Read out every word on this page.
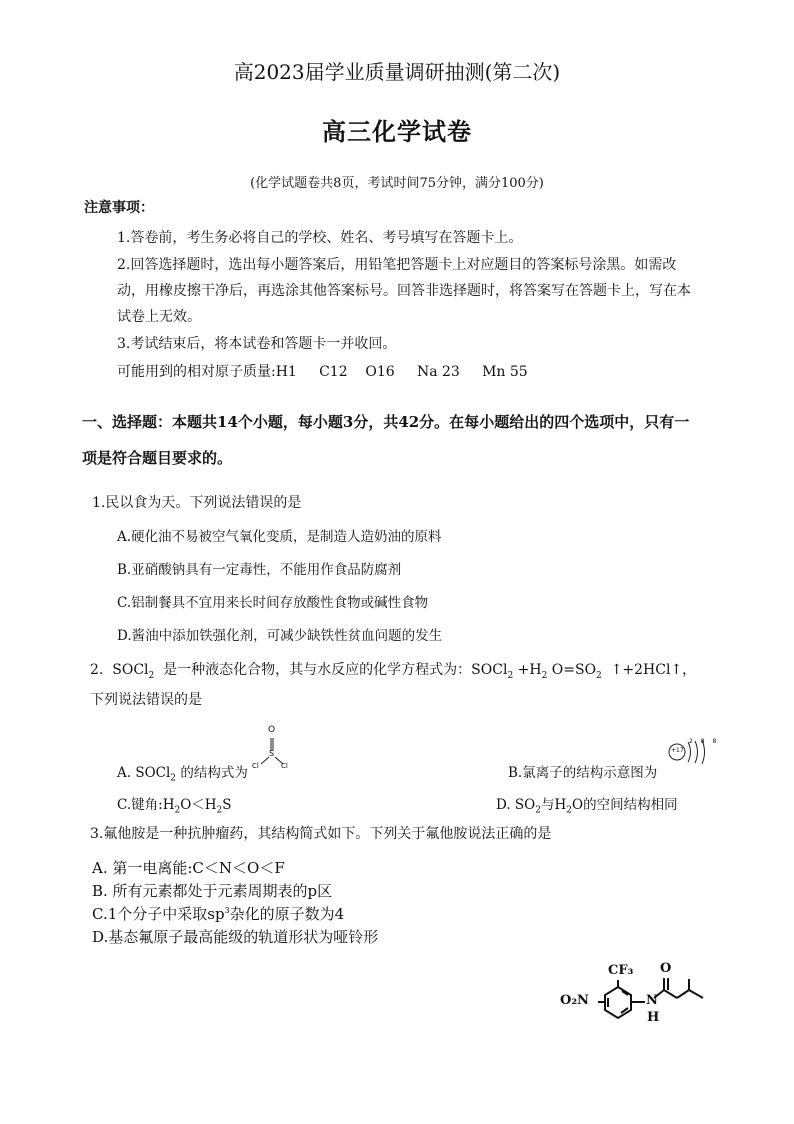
高2023届学业质量调研抽测(第二次)
高三化学试卷
(化学试题卷共8页，考试时间75分钟，满分100分)
注意事项：
1.答卷前，考生务必将自己的学校、姓名、考号填写在答题卡上。
2.回答选择题时，选出每小题答案后，用铅笔把答题卡上对应题目的答案标号涂黑。如需改
动，用橡皮擦干净后，再选涂其他答案标号。回答非选择题时，将答案写在答题卡上，写在本
试卷上无效。
3.考试结束后，将本试卷和答题卡一并收回。
可能用到的相对原子质量:H1     C12    O16     Na 23     Mn 55
一、选择题：本题共14个小题，每小题3分，共42分。在每小题给出的四个选项中，只有一
项是符合题目要求的。
1.民以食为天。下列说法错误的是
A.硬化油不易被空气氧化变质，是制造人造奶油的原料
B.亚硝酸钠具有一定毒性，不能用作食品防腐剂
C.铝制餐具不宜用来长时间存放酸性食物或碱性食物
D.酱油中添加铁强化剂，可减少缺铁性贫血问题的发生
2. SOCl$_2$ 是一种液态化合物，其与水反应的化学方程式为：SOCl$_2$ $+H_2$ $O=SO_2$ ↑+2HCl↑，
下列说法错误的是
A. SOCl$_2$ 的结构式为
O
S
Cl	Cl	B.氯离子的结构示意图为
+17
2 8 8
C.键角$:H_2O<H_2S$	D. $SO_2$与$H_2O$的空间结构相同
3.氟他胺是一种抗肿瘤药，其结构简式如下。下列关于氟他胺说法正确的是
A. 第一电离能:C＜N＜O＜F
B. 所有元素都处于元素周期表的p区
C.1个分子中采取$sp^3$杂化的原子数为4
D.基态氟原子最高能级的轨道形状为哑铃形
CF₃
O₂N	N
H
O
